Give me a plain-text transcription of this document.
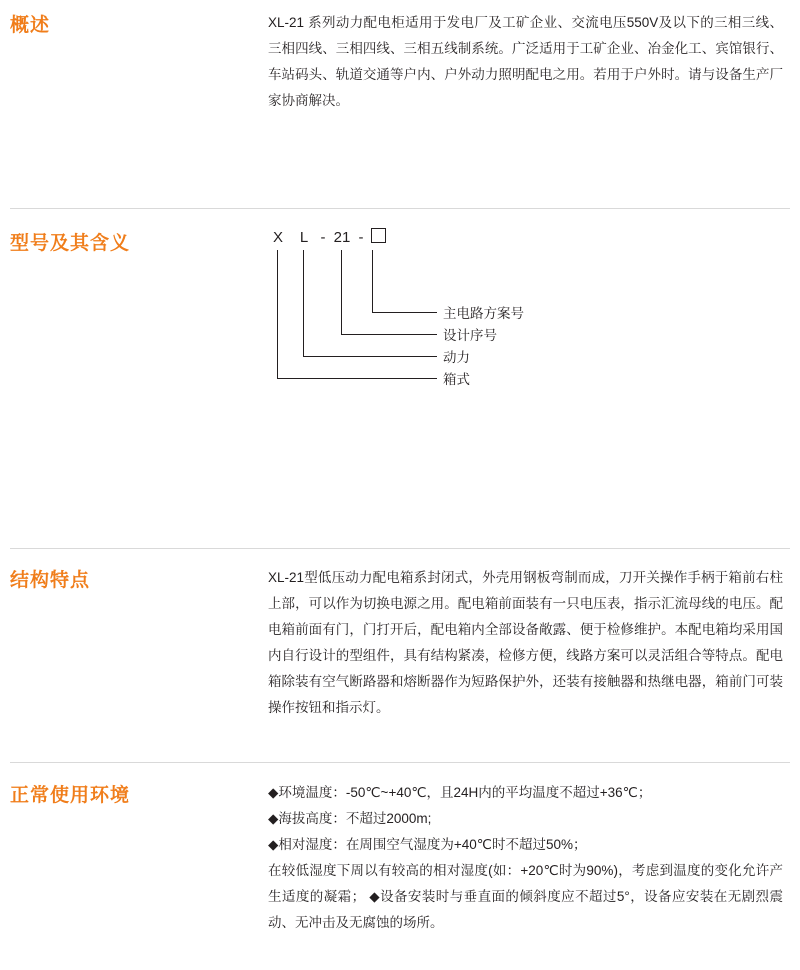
概述	XL-21 系列动力配电柜适用于发电厂及工矿企业、交流电压550V及以下的三相三线、三相四线、三相四线、三相五线制系统。广泛适用于工矿企业、冶金化工、宾馆银行、车站码头、轨道交通等户内、户外动力照明配电之用。若用于户外时。请与设备生产厂家协商解决。
型号及其含义	X L - 21 -
主电路方案号
设计序号
动力
箱式
结构特点	XL-21型低压动力配电箱系封闭式，外壳用钢板弯制而成，刀开关操作手柄于箱前右柱上部，可以作为切换电源之用。配电箱前面装有一只电压表，指示汇流母线的电压。配电箱前面有门，门打开后，配电箱内全部设备敞露、便于检修维护。本配电箱均采用国内自行设计的型组件，具有结构紧凑，检修方便，线路方案可以灵活组合等特点。配电箱除装有空气断路器和熔断器作为短路保护外，还装有接触器和热继电器，箱前门可装操作按钮和指示灯。
正常使用环境	◆环境温度：-50℃~+40℃，且24H内的平均温度不超过+36℃；
◆海拔高度：不超过2000m;
◆相对湿度：在周围空气湿度为+40℃时不超过50%；
在较低湿度下周以有较高的相对湿度(如：+20℃时为90%)，考虑到温度的变化允许产生适度的凝霜； ◆设备安装时与垂直面的倾斜度应不超过5°，设备应安装在无剧烈震动、无冲击及无腐蚀的场所。
